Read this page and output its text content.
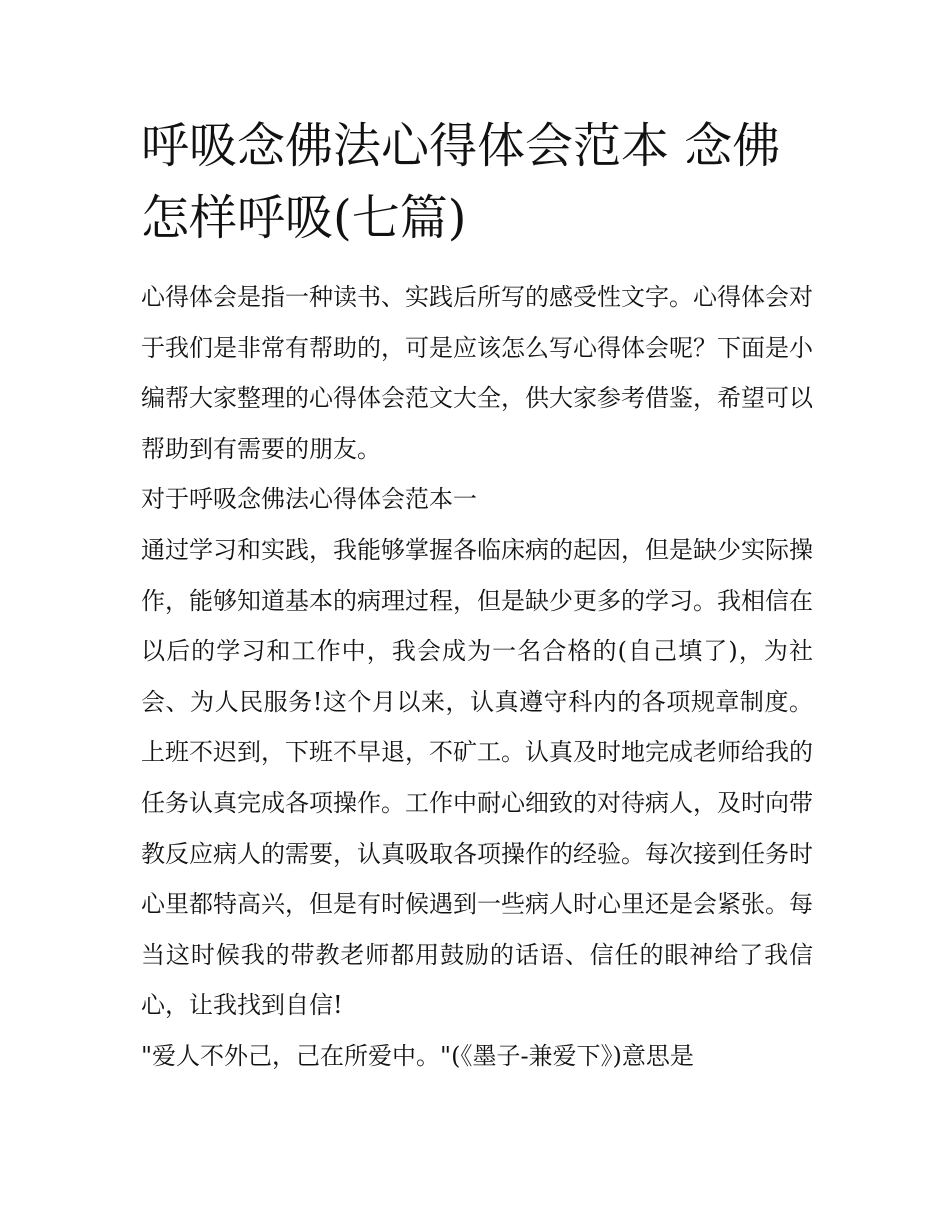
呼吸念佛法心得体会范本 念佛怎样呼吸(七篇)

心得体会是指一种读书、实践后所写的感受性文字。心得体会对于我们是非常有帮助的，可是应该怎么写心得体会呢？下面是小编帮大家整理的心得体会范文大全，供大家参考借鉴，希望可以帮助到有需要的朋友。

对于呼吸念佛法心得体会范本一

通过学习和实践，我能够掌握各临床病的起因，但是缺少实际操作，能够知道基本的病理过程，但是缺少更多的学习。我相信在以后的学习和工作中，我会成为一名合格的(自己填了)，为社会、为人民服务!这个月以来，认真遵守科内的各项规章制度。上班不迟到，下班不早退，不矿工。认真及时地完成老师给我的任务认真完成各项操作。工作中耐心细致的对待病人，及时向带教反应病人的需要，认真吸取各项操作的经验。每次接到任务时心里都特高兴，但是有时候遇到一些病人时心里还是会紧张。每当这时候我的带教老师都用鼓励的话语、信任的眼神给了我信心，让我找到自信!

"爱人不外己，己在所爱中。"(《墨子-兼爱下》)意思是
